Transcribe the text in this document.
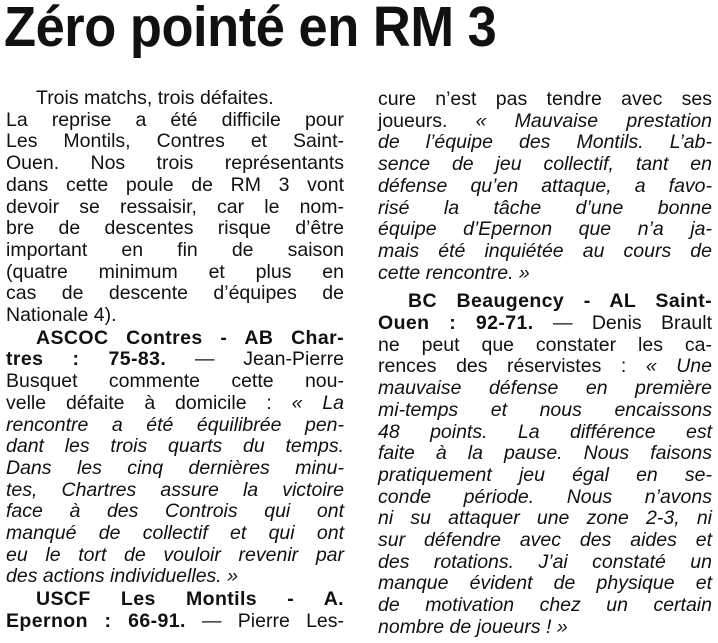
Zéro pointé en RM 3
Trois matchs, trois défaites.
La reprise a été difficile pour
Les Montils, Contres et Saint-
Ouen. Nos trois représentants
dans cette poule de RM 3 vont
devoir se ressaisir, car le nom-
bre de descentes risque d’être
important en fin de saison
(quatre minimum et plus en
cas de descente d’équipes de
Nationale 4).
ASCOC Contres - AB Char-
tres : 75-83. — Jean-Pierre
Busquet commente cette nou-
velle défaite à domicile : « La
rencontre a été équilibrée pen-
dant les trois quarts du temps.
Dans les cinq dernières minu-
tes, Chartres assure la victoire
face à des Controis qui ont
manqué de collectif et qui ont
eu le tort de vouloir revenir par
des actions individuelles. »
USCF Les Montils - A.
Epernon : 66-91. — Pierre Les-
cure n’est pas tendre avec ses
joueurs. « Mauvaise prestation
de l’équipe des Montils. L’ab-
sence de jeu collectif, tant en
défense qu’en attaque, a favo-
risé la tâche d’une bonne
équipe d’Epernon que n’a ja-
mais été inquiétée au cours de
cette rencontre. »
BC Beaugency - AL Saint-
Ouen : 92-71. — Denis Brault
ne peut que constater les ca-
rences des réservistes : « Une
mauvaise défense en première
mi-temps et nous encaissons
48 points. La différence est
faite à la pause. Nous faisons
pratiquement jeu égal en se-
conde période. Nous n’avons
ni su attaquer une zone 2-3, ni
sur défendre avec des aides et
des rotations. J’ai constaté un
manque évident de physique et
de motivation chez un certain
nombre de joueurs ! »
